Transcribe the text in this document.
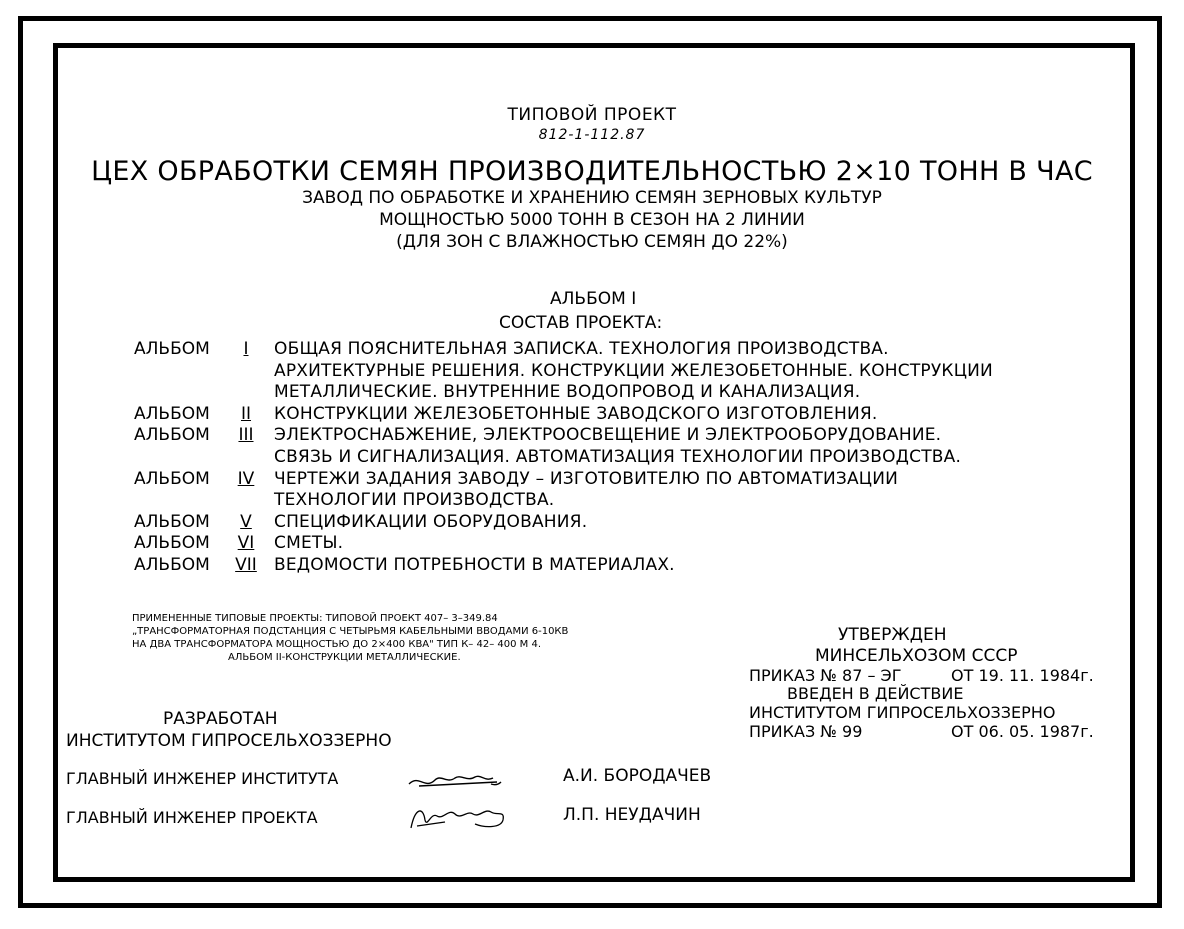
ТИПОВОЙ ПРОЕКТ
812-1-112.87
ЦЕХ ОБРАБОТКИ СЕМЯН ПРОИЗВОДИТЕЛЬНОСТЬЮ 2×10 ТОНН В ЧАС
ЗАВОД ПО ОБРАБОТКЕ И ХРАНЕНИЮ СЕМЯН ЗЕРНОВЫХ КУЛЬТУР
МОЩНОСТЬЮ 5000 ТОНН В СЕЗОН НА 2 ЛИНИИ
(ДЛЯ ЗОН С ВЛАЖНОСТЬЮ СЕМЯН ДО 22%)
АЛЬБОМ I
СОСТАВ ПРОЕКТА:
АЛЬБОМ	I	ОБЩАЯ ПОЯСНИТЕЛЬНАЯ ЗАПИСКА. ТЕХНОЛОГИЯ ПРОИЗВОДСТВА.
АРХИТЕКТУРНЫЕ РЕШЕНИЯ. КОНСТРУКЦИИ ЖЕЛЕЗОБЕТОННЫЕ. КОНСТРУКЦИИ
МЕТАЛЛИЧЕСКИЕ. ВНУТРЕННИЕ ВОДОПРОВОД И КАНАЛИЗАЦИЯ.
АЛЬБОМ	II	КОНСТРУКЦИИ ЖЕЛЕЗОБЕТОННЫЕ ЗАВОДСКОГО ИЗГОТОВЛЕНИЯ.
АЛЬБОМ	III ЭЛЕКТРОСНАБЖЕНИЕ, ЭЛЕКТРООСВЕЩЕНИЕ И ЭЛЕКТРООБОРУДОВАНИЕ.
СВЯЗЬ И СИГНАЛИЗАЦИЯ. АВТОМАТИЗАЦИЯ ТЕХНОЛОГИИ ПРОИЗВОДСТВА.
АЛЬБОМ	IV ЧЕРТЕЖИ ЗАДАНИЯ ЗАВОДУ – ИЗГОТОВИТЕЛЮ ПО АВТОМАТИЗАЦИИ
ТЕХНОЛОГИИ ПРОИЗВОДСТВА.
АЛЬБОМ	V	СПЕЦИФИКАЦИИ ОБОРУДОВАНИЯ.
АЛЬБОМ	VI СМЕТЫ.
АЛЬБОМ	VII ВЕДОМОСТИ ПОТРЕБНОСТИ В МАТЕРИАЛАХ.
ПРИМЕНЕННЫЕ ТИПОВЫЕ ПРОЕКТЫ: ТИПОВОЙ ПРОЕКТ 407– 3–349.84
„ТРАНСФОРМАТОРНАЯ ПОДСТАНЦИЯ С ЧЕТЫРЬМЯ КАБЕЛЬНЫМИ ВВОДАМИ 6-10КВ
НА ДВА ТРАНСФОРМАТОРА МОЩНОСТЬЮ ДО 2×400 КВА" ТИП К– 42– 400 М 4.
АЛЬБОМ II-КОНСТРУКЦИИ МЕТАЛЛИЧЕСКИЕ.
УТВЕРЖДЕН
МИНСЕЛЬХОЗОМ СССР
ПРИКАЗ № 87 – ЭГ	ОТ 19. 11. 1984г.
ВВЕДЕН В ДЕЙСТВИЕ
ИНСТИТУТОМ ГИПРОСЕЛЬХОЗЗЕРНО
ПРИКАЗ № 99	ОТ 06. 05. 1987г.
РАЗРАБОТАН
ИНСТИТУТОМ ГИПРОСЕЛЬХОЗЗЕРНО
ГЛАВНЫЙ ИНЖЕНЕР ИНСТИТУТА	А.И. БОРОДАЧЕВ
ГЛАВНЫЙ ИНЖЕНЕР ПРОЕКТА	Л.П. НЕУДАЧИН
